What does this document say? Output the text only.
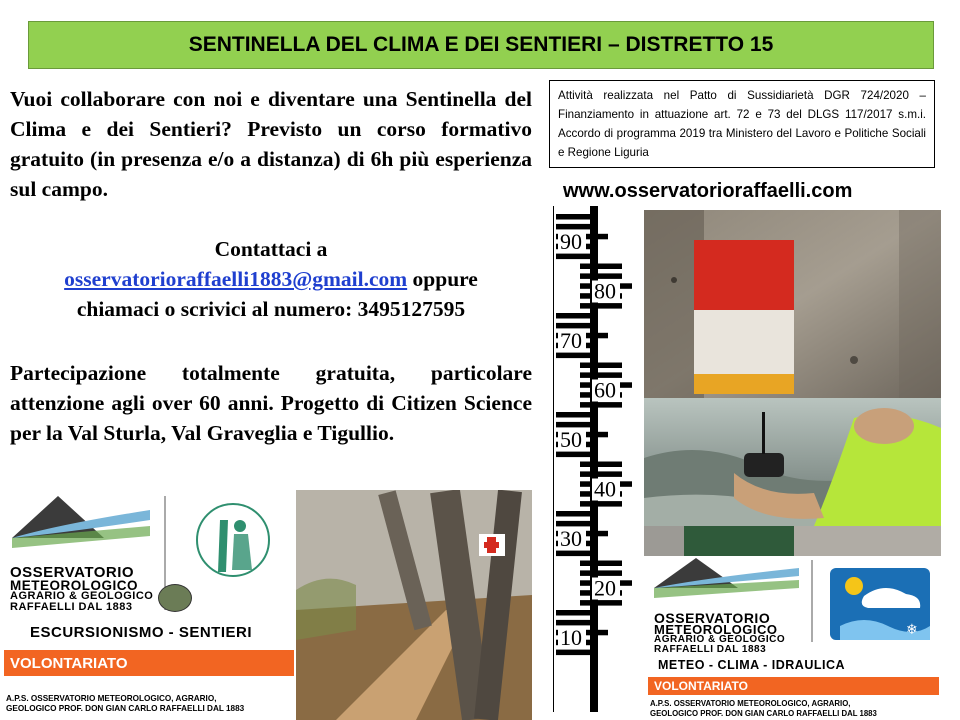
SENTINELLA DEL CLIMA E DEI SENTIERI – DISTRETTO 15

Vuoi collaborare con noi e diventare una Sentinella del Clima e dei Sentieri? Previsto un corso formativo gratuito (in presenza e/o a distanza) di 6h più esperienza sul campo.

Contattaci a
osservatorioraffaelli1883@gmail.com oppure
chiamaci o scrivici al numero: 3495127595

Partecipazione totalmente gratuita, particolare attenzione agli over 60 anni. Progetto di Citizen Science per la Val Sturla, Val Graveglia e Tigullio.

Attività realizzata nel Patto di Sussidiarietà DGR 724/2020 – Finanziamento in attuazione art. 72 e 73 del DLGS 117/2017 s.m.i. Accordo di programma 2019 tra Ministero del Lavoro e Politiche Sociali e Regione Liguria
www.osservatorioraffaelli.com
90
80
70
60
50
40
30
20
10
OSSERVATORIO
METEOROLOGICO
AGRARIO & GEOLOGICO
RAFFAELLI DAL 1883
ESCURSIONISMO - SENTIERI
VOLONTARIATO
A.P.S. OSSERVATORIO METEOROLOGICO, AGRARIO,
GEOLOGICO PROF. DON GIAN CARLO RAFFAELLI DAL 1883
❄
OSSERVATORIO
METEOROLOGICO
AGRARIO & GEOLOGICO
RAFFAELLI DAL 1883
METEO - CLIMA - IDRAULICA
VOLONTARIATO
A.P.S. OSSERVATORIO METEOROLOGICO, AGRARIO,
GEOLOGICO PROF. DON GIAN CARLO RAFFAELLI DAL 1883
